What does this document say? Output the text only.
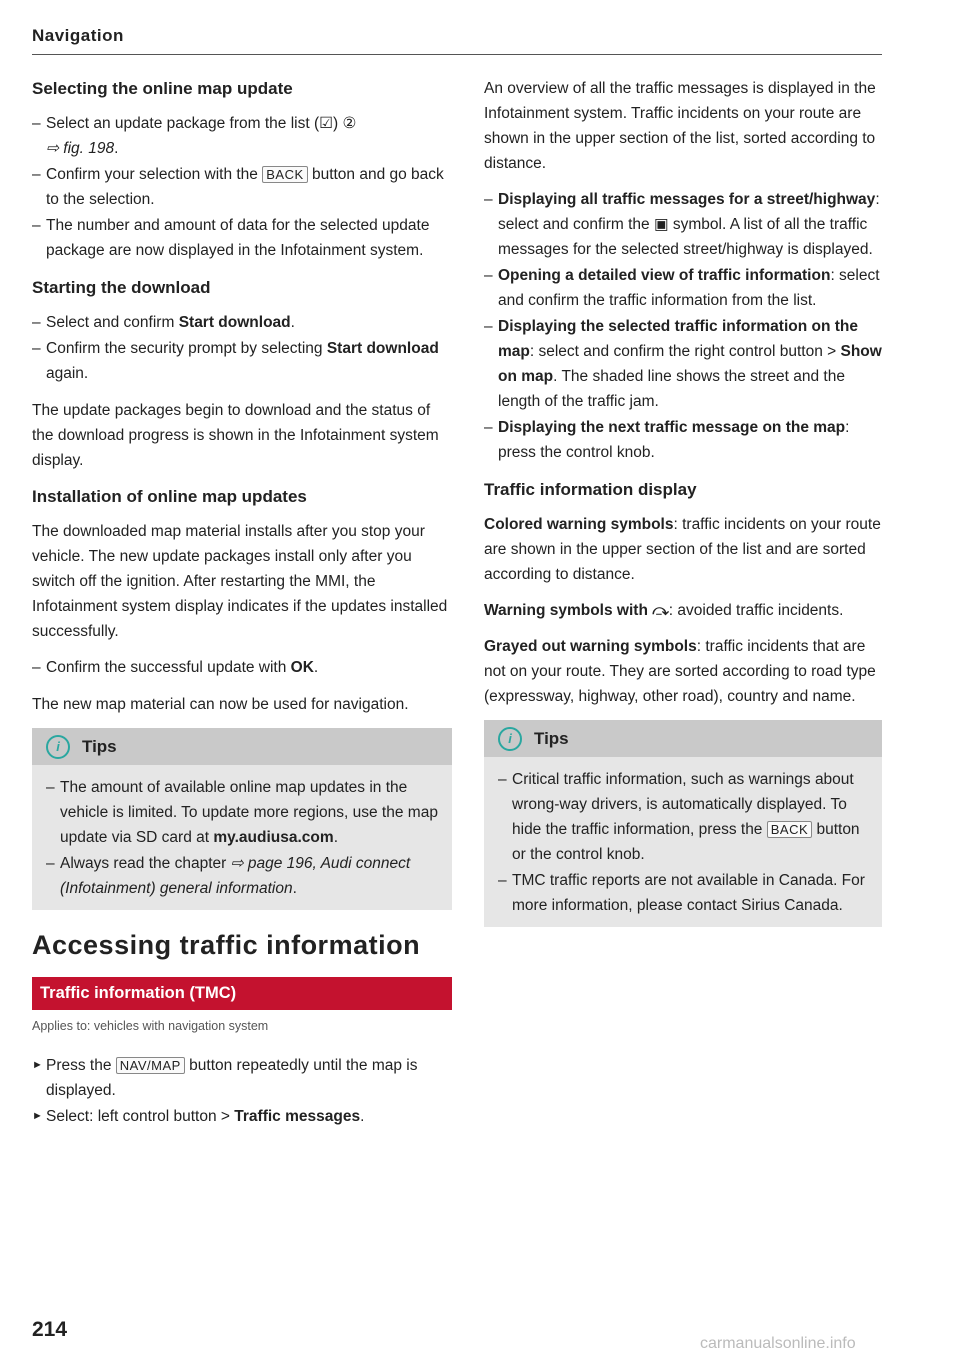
Navigation
Selecting the online map update
– Select an update package from the list (☑) ②
⇨ fig. 198.
– Confirm your selection with the BACK button and go back to the selection.
– The number and amount of data for the selected update package are now displayed in the Infotainment system.
Starting the download
– Select and confirm Start download.
– Confirm the security prompt by selecting Start download again.

The update packages begin to download and the status of the download progress is shown in the Infotainment system display.

Installation of online map updates

The downloaded map material installs after you stop your vehicle. The new update packages install only after you switch off the ignition. After restarting the MMI, the Infotainment system display indicates if the updates installed successfully.

– Confirm the successful update with OK.

The new map material can now be used for navigation.

i	Tips
– The amount of available online map updates in the vehicle is limited. To update more regions, use the map update via SD card at my.audiusa.com.
– Always read the chapter ⇨ page 196, Audi connect (Infotainment) general information.
Accessing traffic information
Traffic information (TMC)
Applies to: vehicles with navigation system
► Press the NAV/MAP button repeatedly until the map is displayed.
► Select: left control button > Traffic messages.

An overview of all the traffic messages is displayed in the Infotainment system. Traffic incidents on your route are shown in the upper section of the list, sorted according to distance.

– Displaying all traffic messages for a street/highway: select and confirm the ▣ symbol. A list of all the traffic messages for the selected street/highway is displayed.
– Opening a detailed view of traffic information: select and confirm the traffic information from the list.
– Displaying the selected traffic information on the map: select and confirm the right control button > Show on map. The shaded line shows the street and the length of the traffic jam.
– Displaying the next traffic message on the map: press the control knob.
Traffic information display

Colored warning symbols: traffic incidents on your route are shown in the upper section of the list and are sorted according to distance.

Warning symbols with ⤼: avoided traffic incidents.

Grayed out warning symbols: traffic incidents that are not on your route. They are sorted according to road type (expressway, highway, other road), country and name.

i	Tips
– Critical traffic information, such as warnings about wrong-way drivers, is automatically displayed. To hide the traffic information, press the BACK button or the control knob.
– TMC traffic reports are not available in Canada. For more information, please contact Sirius Canada.
214
carmanualsonline.info
